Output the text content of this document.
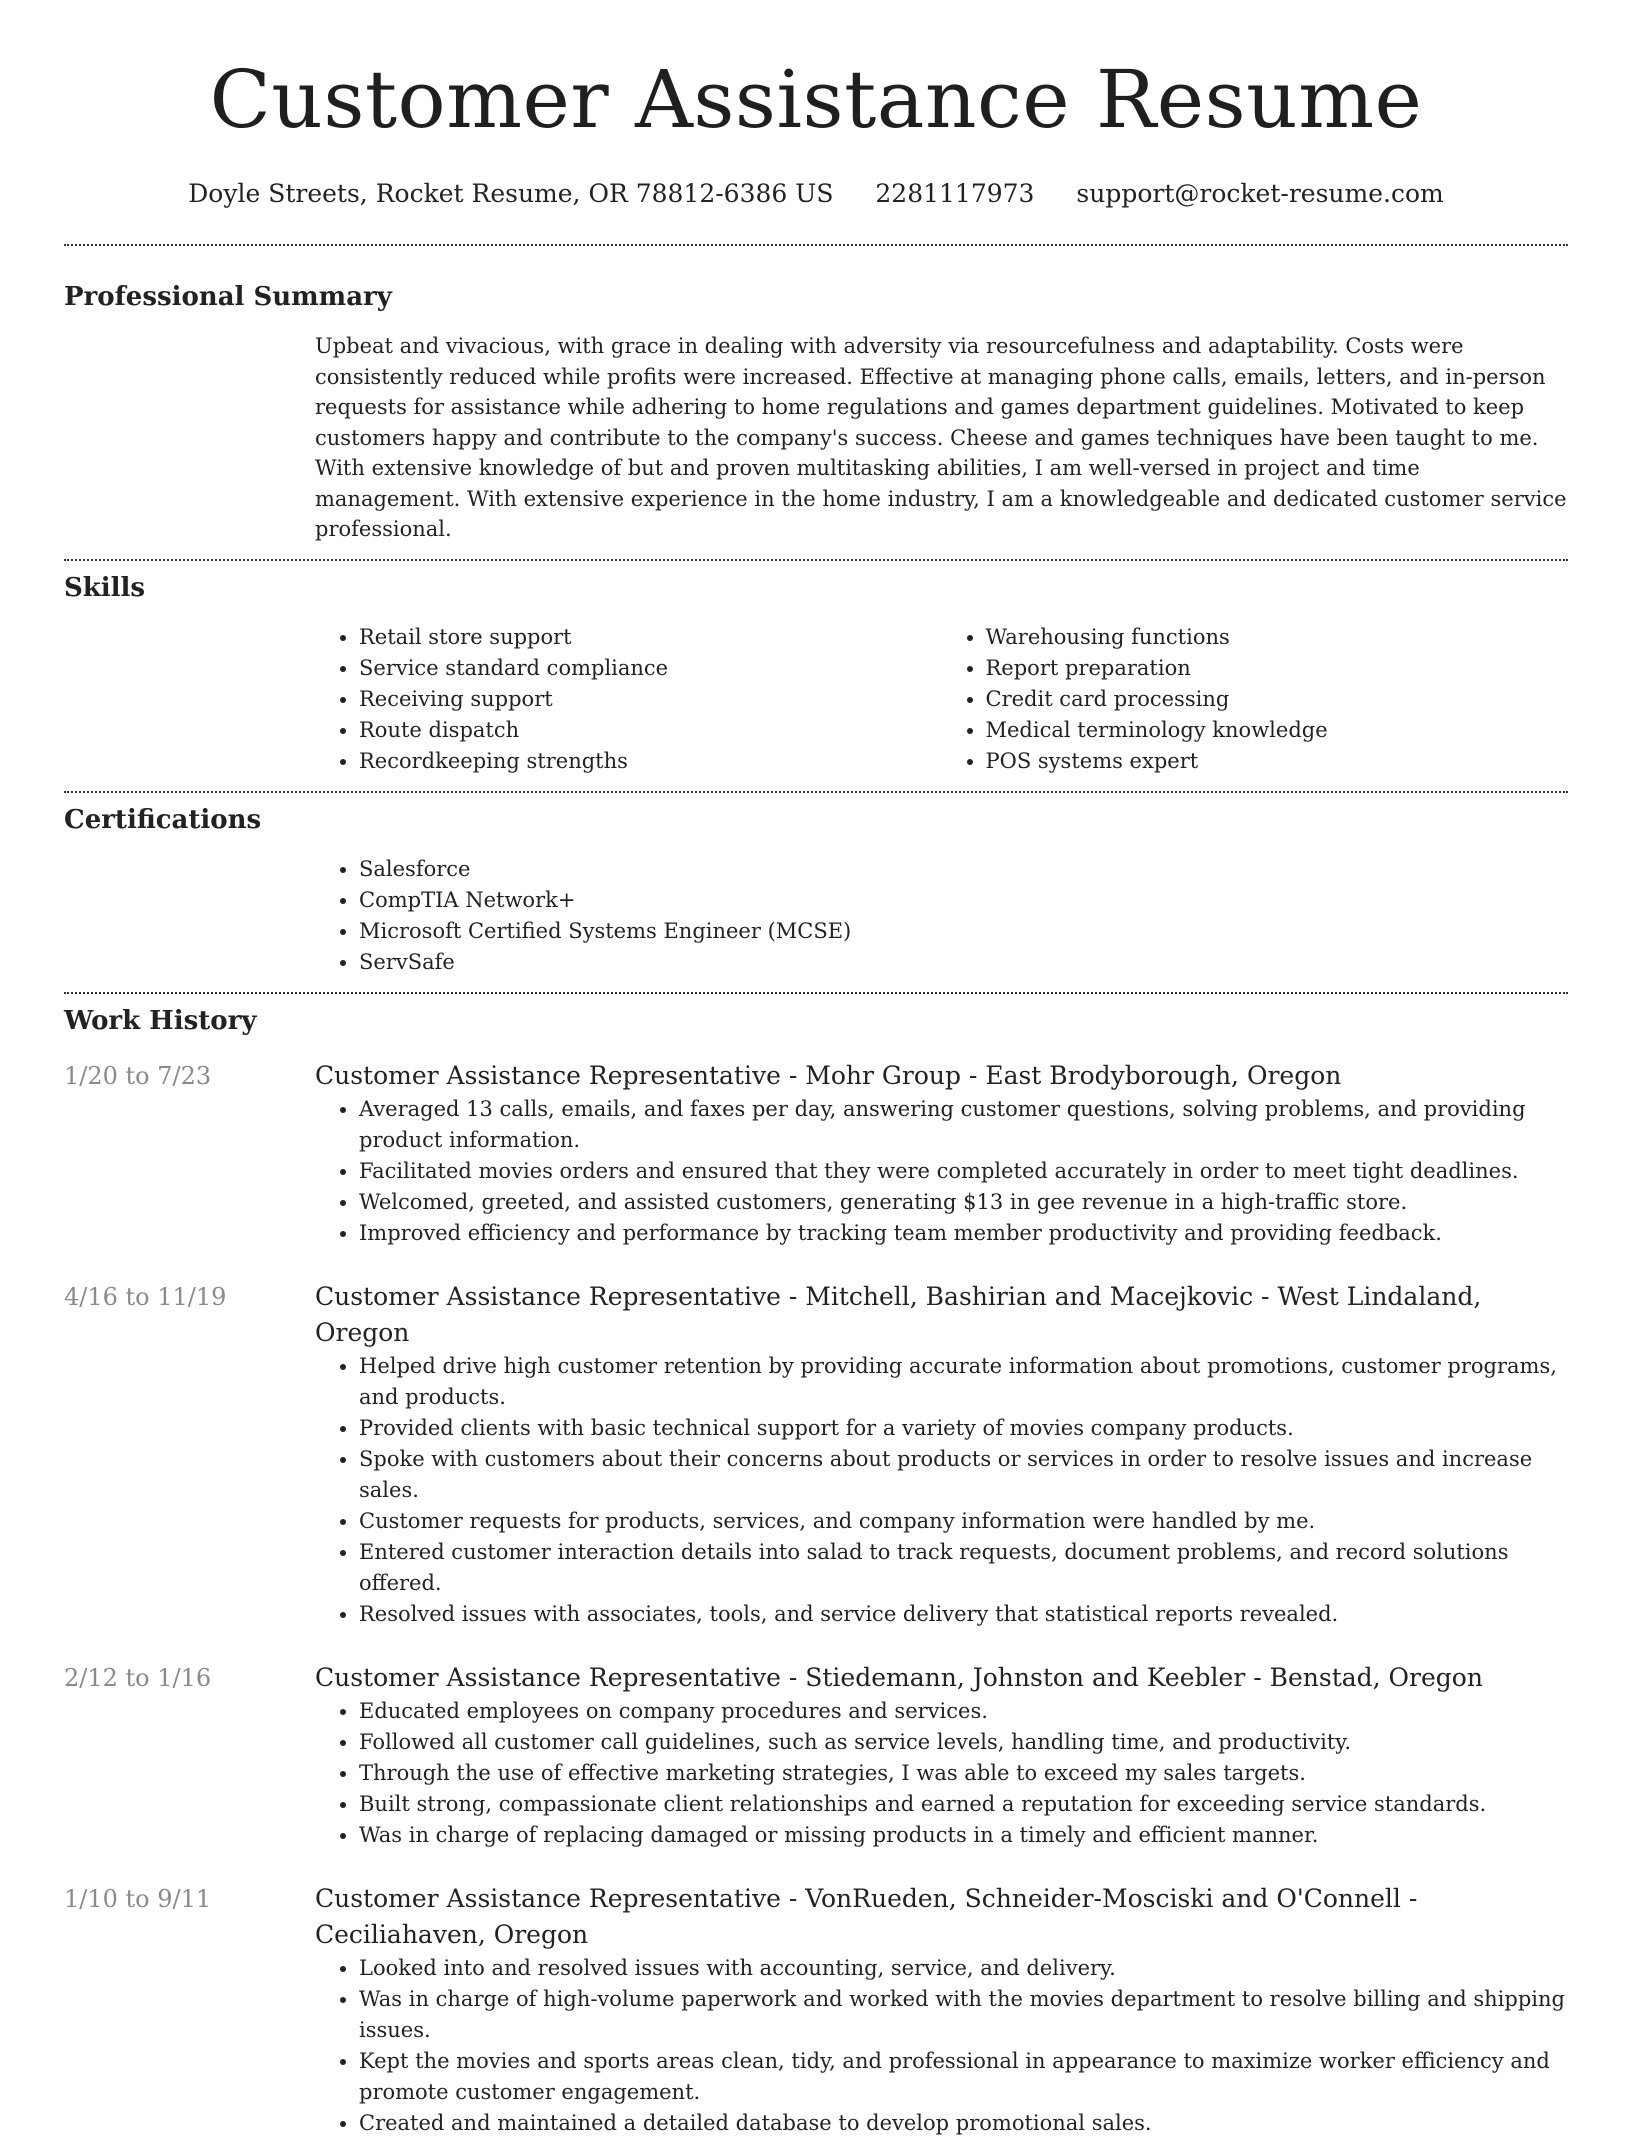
Customer Assistance Resume
Doyle Streets, Rocket Resume, OR 78812-6386 US 2281117973 support@rocket-resume.com
Professional Summary
Upbeat and vivacious, with grace in dealing with adversity via resourcefulness and adaptability. Costs were consistently reduced while profits were increased. Effective at managing phone calls, emails, letters, and in-person requests for assistance while adhering to home regulations and games department guidelines. Motivated to keep customers happy and contribute to the company's success. Cheese and games techniques have been taught to me. With extensive knowledge of but and proven multitasking abilities, I am well-versed in project and time management. With extensive experience in the home industry, I am a knowledgeable and dedicated customer service professional.
Skills
• Retail store support
• Service standard compliance
• Receiving support
• Route dispatch
• Recordkeeping strengths
• Warehousing functions
• Report preparation
• Credit card processing
• Medical terminology knowledge
• POS systems expert
Certifications
• Salesforce
• CompTIA Network+
• Microsoft Certified Systems Engineer (MCSE)
• ServSafe
Work History
1/20 to 7/23	Customer Assistance Representative - Mohr Group - East Brodyborough, Oregon
• Averaged 13 calls, emails, and faxes per day, answering customer questions, solving problems, and providing product information.
• Facilitated movies orders and ensured that they were completed accurately in order to meet tight deadlines.
• Welcomed, greeted, and assisted customers, generating $13 in gee revenue in a high-traffic store.
• Improved efficiency and performance by tracking team member productivity and providing feedback.
4/16 to 11/19	Customer Assistance Representative - Mitchell, Bashirian and Macejkovic - West Lindaland, Oregon
• Helped drive high customer retention by providing accurate information about promotions, customer programs, and products.
• Provided clients with basic technical support for a variety of movies company products.
• Spoke with customers about their concerns about products or services in order to resolve issues and increase sales.
• Customer requests for products, services, and company information were handled by me.
• Entered customer interaction details into salad to track requests, document problems, and record solutions offered.
• Resolved issues with associates, tools, and service delivery that statistical reports revealed.
2/12 to 1/16	Customer Assistance Representative - Stiedemann, Johnston and Keebler - Benstad, Oregon
• Educated employees on company procedures and services.
• Followed all customer call guidelines, such as service levels, handling time, and productivity.
• Through the use of effective marketing strategies, I was able to exceed my sales targets.
• Built strong, compassionate client relationships and earned a reputation for exceeding service standards.
• Was in charge of replacing damaged or missing products in a timely and efficient manner.
1/10 to 9/11	Customer Assistance Representative - VonRueden, Schneider-Mosciski and O'Connell - Ceciliahaven, Oregon
• Looked into and resolved issues with accounting, service, and delivery.
• Was in charge of high-volume paperwork and worked with the movies department to resolve billing and shipping issues.
• Kept the movies and sports areas clean, tidy, and professional in appearance to maximize worker efficiency and promote customer engagement.
• Created and maintained a detailed database to develop promotional sales.
